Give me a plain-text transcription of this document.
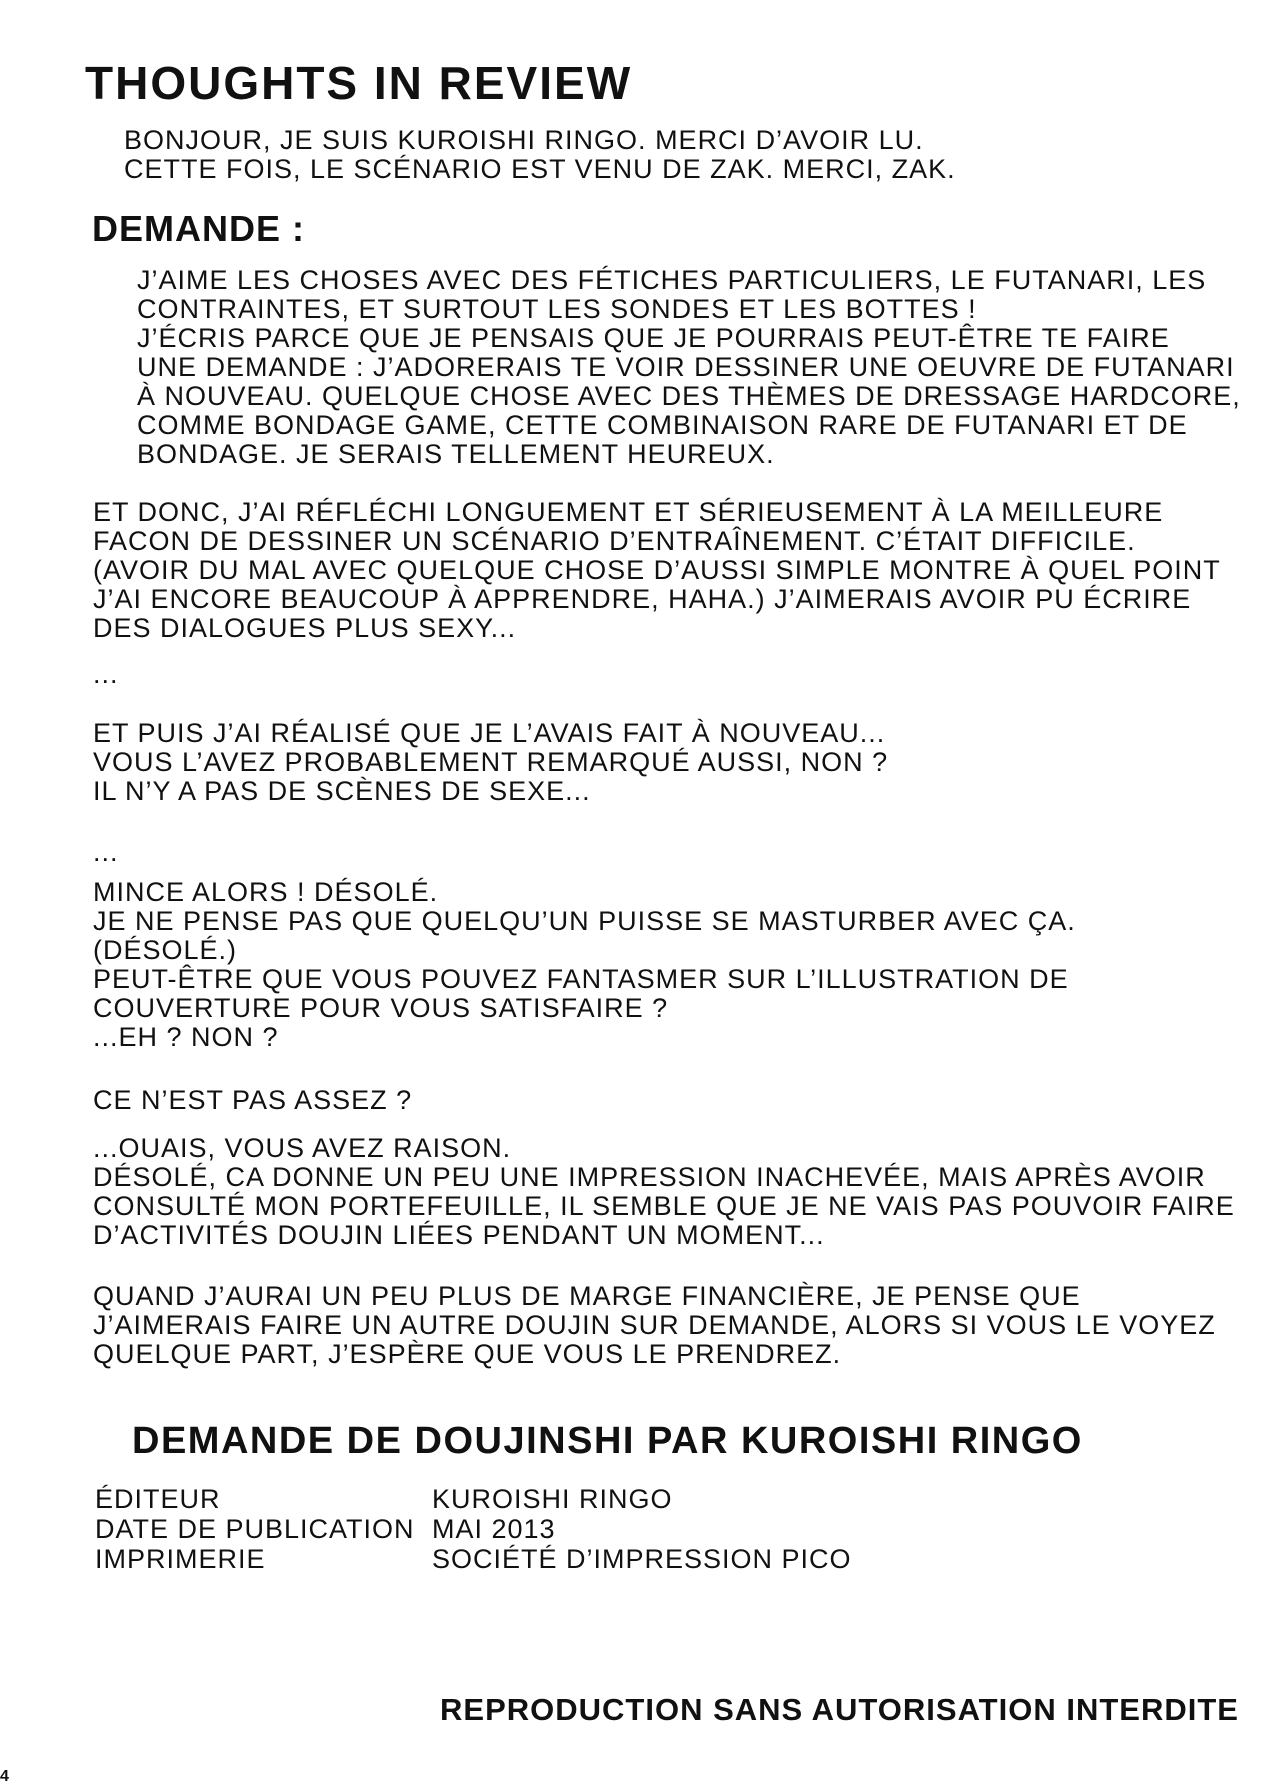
THOUGHTS IN REVIEW
BONJOUR, JE SUIS KUROISHI RINGO. MERCI D’AVOIR LU.
CETTE FOIS, LE SCÉNARIO EST VENU DE ZAK. MERCI, ZAK.
DEMANDE :
J’AIME LES CHOSES AVEC DES FÉTICHES PARTICULIERS, LE FUTANARI, LES
CONTRAINTES, ET SURTOUT LES SONDES ET LES BOTTES !
J’ÉCRIS PARCE QUE JE PENSAIS QUE JE POURRAIS PEUT-ÊTRE TE FAIRE
UNE DEMANDE : J’ADORERAIS TE VOIR DESSINER UNE OEUVRE DE FUTANARI
À NOUVEAU. QUELQUE CHOSE AVEC DES THÈMES DE DRESSAGE HARDCORE,
COMME BONDAGE GAME, CETTE COMBINAISON RARE DE FUTANARI ET DE
BONDAGE. JE SERAIS TELLEMENT HEUREUX.
ET DONC, J’AI RÉFLÉCHI LONGUEMENT ET SÉRIEUSEMENT À LA MEILLEURE
FACON DE DESSINER UN SCÉNARIO D’ENTRAÎNEMENT. C’ÉTAIT DIFFICILE.
(AVOIR DU MAL AVEC QUELQUE CHOSE D’AUSSI SIMPLE MONTRE À QUEL POINT
J’AI ENCORE BEAUCOUP À APPRENDRE, HAHA.) J’AIMERAIS AVOIR PU ÉCRIRE
DES DIALOGUES PLUS SEXY...
...
ET PUIS J’AI RÉALISÉ QUE JE L’AVAIS FAIT À NOUVEAU...
VOUS L’AVEZ PROBABLEMENT REMARQUÉ AUSSI, NON ?
IL N’Y A PAS DE SCÈNES DE SEXE...
...
MINCE ALORS ! DÉSOLÉ.
JE NE PENSE PAS QUE QUELQU’UN PUISSE SE MASTURBER AVEC ÇA.
(DÉSOLÉ.)
PEUT-ÊTRE QUE VOUS POUVEZ FANTASMER SUR L’ILLUSTRATION DE
COUVERTURE POUR VOUS SATISFAIRE ?
...EH ? NON ?
CE N’EST PAS ASSEZ ?
...OUAIS, VOUS AVEZ RAISON.
DÉSOLÉ, CA DONNE UN PEU UNE IMPRESSION INACHEVÉE, MAIS APRÈS AVOIR
CONSULTÉ MON PORTEFEUILLE, IL SEMBLE QUE JE NE VAIS PAS POUVOIR FAIRE
D’ACTIVITÉS DOUJIN LIÉES PENDANT UN MOMENT...
QUAND J’AURAI UN PEU PLUS DE MARGE FINANCIÈRE, JE PENSE QUE
J’AIMERAIS FAIRE UN AUTRE DOUJIN SUR DEMANDE, ALORS SI VOUS LE VOYEZ
QUELQUE PART, J’ESPÈRE QUE VOUS LE PRENDREZ.
DEMANDE DE DOUJINSHI PAR KUROISHI RINGO
ÉDITEUR	KUROISHI RINGO
DATE DE PUBLICATION MAI 2013
IMPRIMERIE	SOCIÉTÉ D’IMPRESSION PICO
REPRODUCTION SANS AUTORISATION INTERDITE
4
